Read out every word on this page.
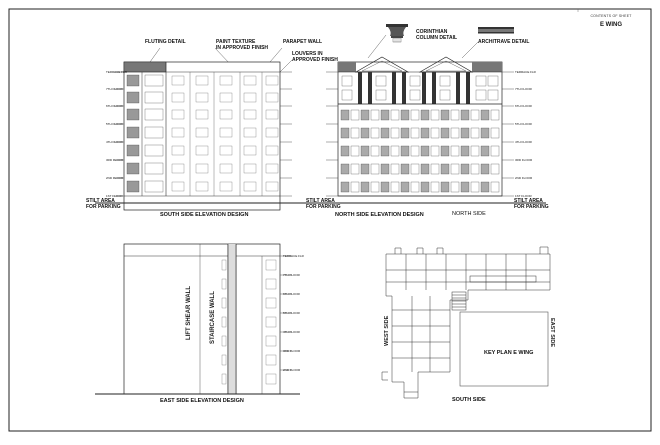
CONTENTS OF SHEET
E WING
FLUTING DETAIL	PAINT TEXTURE
IN APPROVED FINISH
PARAPET WALL
LOUVERS IN
APPROVED FINISH
STILT AREA
FOR PARKING
STILT AREA
FOR PARKING
SOUTH SIDE ELEVATION DESIGN
CORINTHIAN
COLUMN DETAIL
ARCHITRAVE DETAIL
STILT AREA
FOR PARKING
NORTH SIDE ELEVATION DESIGN	NORTH SIDE
LIFT SHEAR WALL	STAIRCASE WALL
EAST SIDE ELEVATION DESIGN
KEY PLAN E WING
WEST SIDE	EAST SIDE
SOUTH SIDE
TERRACE FLR
7TH FLOOR
6TH FLOOR
5TH FLOOR
4TH FLOOR
3RD FLOOR
2ND FLOOR
1ST FLOOR
TERRACE FLR
7TH FLOOR
6TH FLOOR
5TH FLOOR
4TH FLOOR
3RD FLOOR
2ND FLOOR
1ST FLOOR
TERRACE FLR
7TH FLOOR
6TH FLOOR
5TH FLOOR
4TH FLOOR
3RD FLOOR
2ND FLOOR
